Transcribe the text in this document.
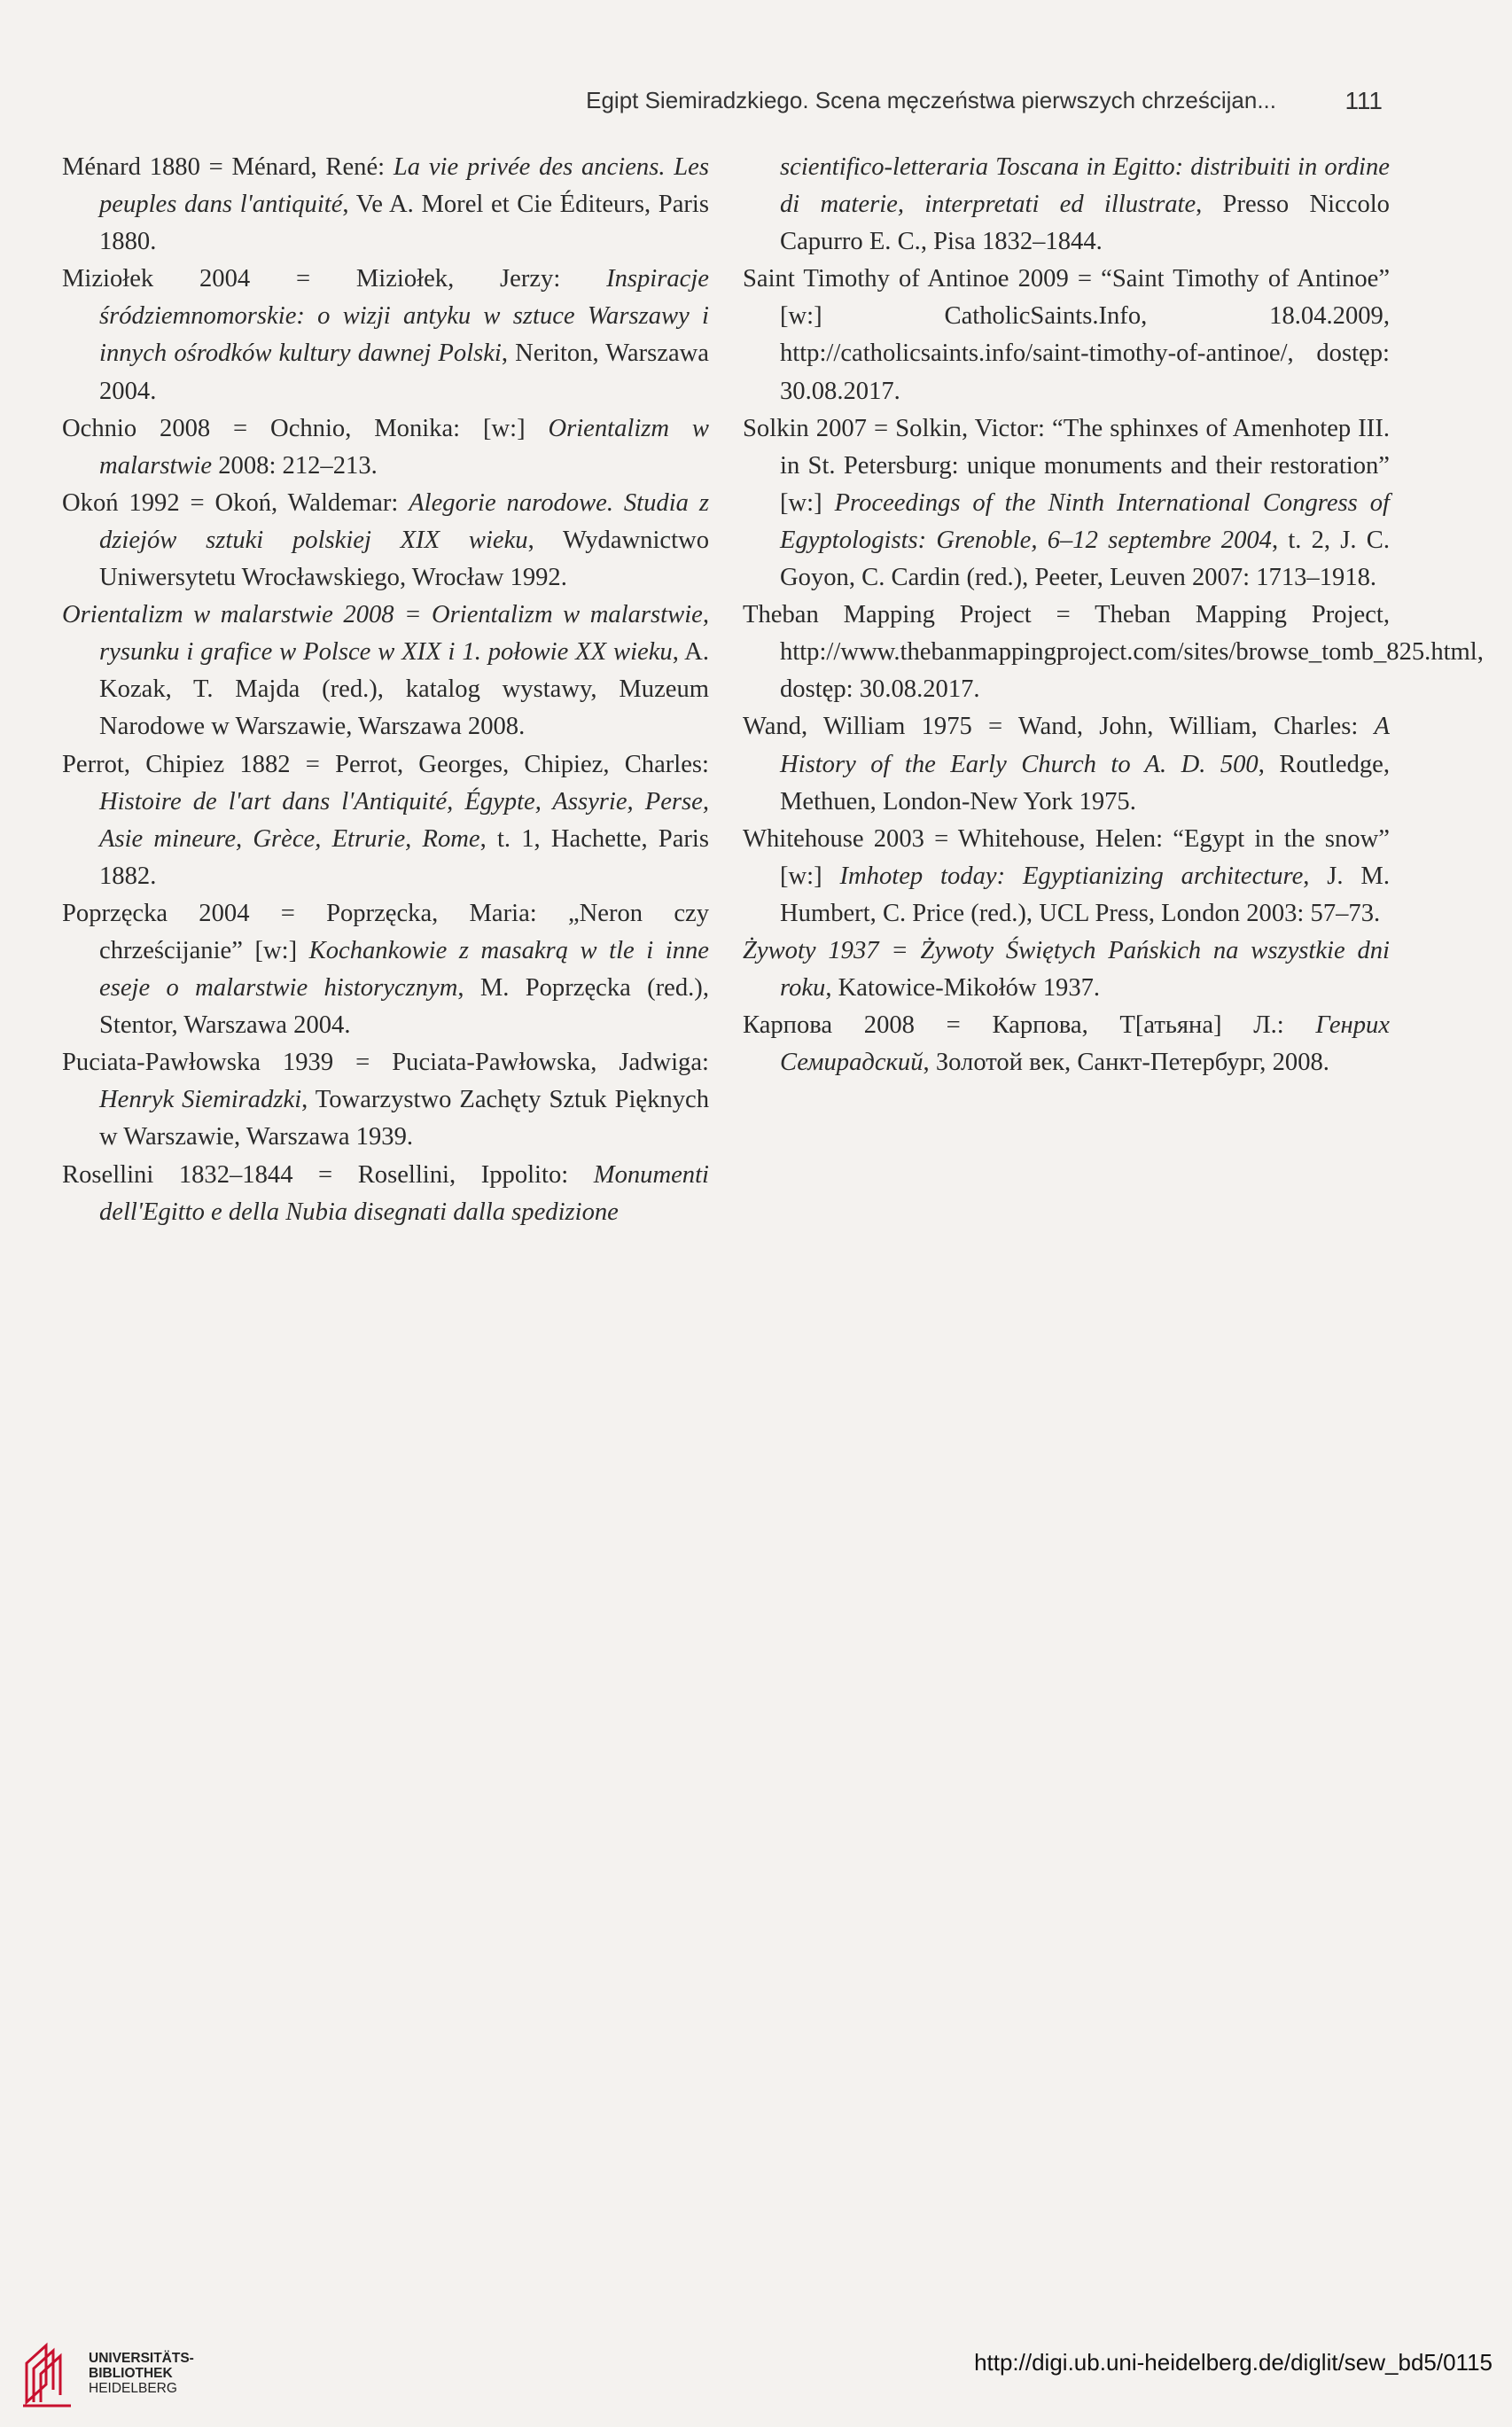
Egipt Siemiradzkiego. Scena męczeństwa pierwszych chrześcijan...	111

Ménard 1880 = Ménard, René: La vie privée des anciens. Les peuples dans l'antiquité, Ve A. Morel et Cie Éditeurs, Paris 1880.

Miziołek 2004 = Miziołek, Jerzy: Inspiracje śródziemnomorskie: o wizji antyku w sztuce Warszawy i innych ośrodków kultury dawnej Polski, Neriton, Warszawa 2004.

Ochnio 2008 = Ochnio, Monika: [w:] Orientalizm w malarstwie 2008: 212–213.

Okoń 1992 = Okoń, Waldemar: Alegorie narodowe. Studia z dziejów sztuki polskiej XIX wieku, Wydawnictwo Uniwersytetu Wrocławskiego, Wrocław 1992.

Orientalizm w malarstwie 2008 = Orientalizm w malarstwie, rysunku i grafice w Polsce w XIX i 1. połowie XX wieku, A. Kozak, T. Majda (red.), katalog wystawy, Muzeum Narodowe w Warszawie, Warszawa 2008.

Perrot, Chipiez 1882 = Perrot, Georges, Chipiez, Charles: Histoire de l'art dans l'Antiquité, Égypte, Assyrie, Perse, Asie mineure, Grèce, Etrurie, Rome, t. 1, Hachette, Paris 1882.

Poprzęcka 2004 = Poprzęcka, Maria: „Neron czy chrześcijanie” [w:] Kochankowie z masakrą w tle i inne eseje o malarstwie historycznym, M. Poprzęcka (red.), Stentor, Warszawa 2004.

Puciata-Pawłowska 1939 = Puciata-Pawłowska, Jadwiga: Henryk Siemiradzki, Towarzystwo Zachęty Sztuk Pięknych w Warszawie, Warszawa 1939.

Rosellini 1832–1844 = Rosellini, Ippolito: Monumenti dell'Egitto e della Nubia disegnati dalla spedizione

scientifico-letteraria Toscana in Egitto: distribuiti in ordine di materie, interpretati ed illustrate, Presso Niccolo Capurro E. C., Pisa 1832–1844.

Saint Timothy of Antinoe 2009 = “Saint Timothy of Antinoe” [w:] CatholicSaints.Info, 18.04.2009, http://catholicsaints.info/saint-timothy-of-antinoe/, dostęp: 30.08.2017.

Solkin 2007 = Solkin, Victor: “The sphinxes of Amenhotep III. in St. Petersburg: unique monuments and their restoration” [w:] Proceedings of the Ninth International Congress of Egyptologists: Grenoble, 6–12 septembre 2004, t. 2, J. C. Goyon, C. Cardin (red.), Peeter, Leuven 2007: 1713–1918.

Theban Mapping Project = Theban Mapping Project, http://www.thebanmappingproject.com/sites/browse_tomb_825.html, dostęp: 30.08.2017.

Wand, William 1975 = Wand, John, William, Charles: A History of the Early Church to A. D. 500, Routledge, Methuen, London-New York 1975.

Whitehouse 2003 = Whitehouse, Helen: “Egypt in the snow” [w:] Imhotep today: Egyptianizing architecture, J. M. Humbert, C. Price (red.), UCL Press, London 2003: 57–73.

Żywoty 1937 = Żywoty Świętych Pańskich na wszystkie dni roku, Katowice-Mikołów 1937.

Карпова 2008 = Карпова, Т[атьяна] Л.: Генрих Семирадский, Золотой век, Санкт-Петербург, 2008.

UNIVERSITÄTS-
BIBLIOTHEK
HEIDELBERG
http://digi.ub.uni-heidelberg.de/diglit/sew_bd5/0115
